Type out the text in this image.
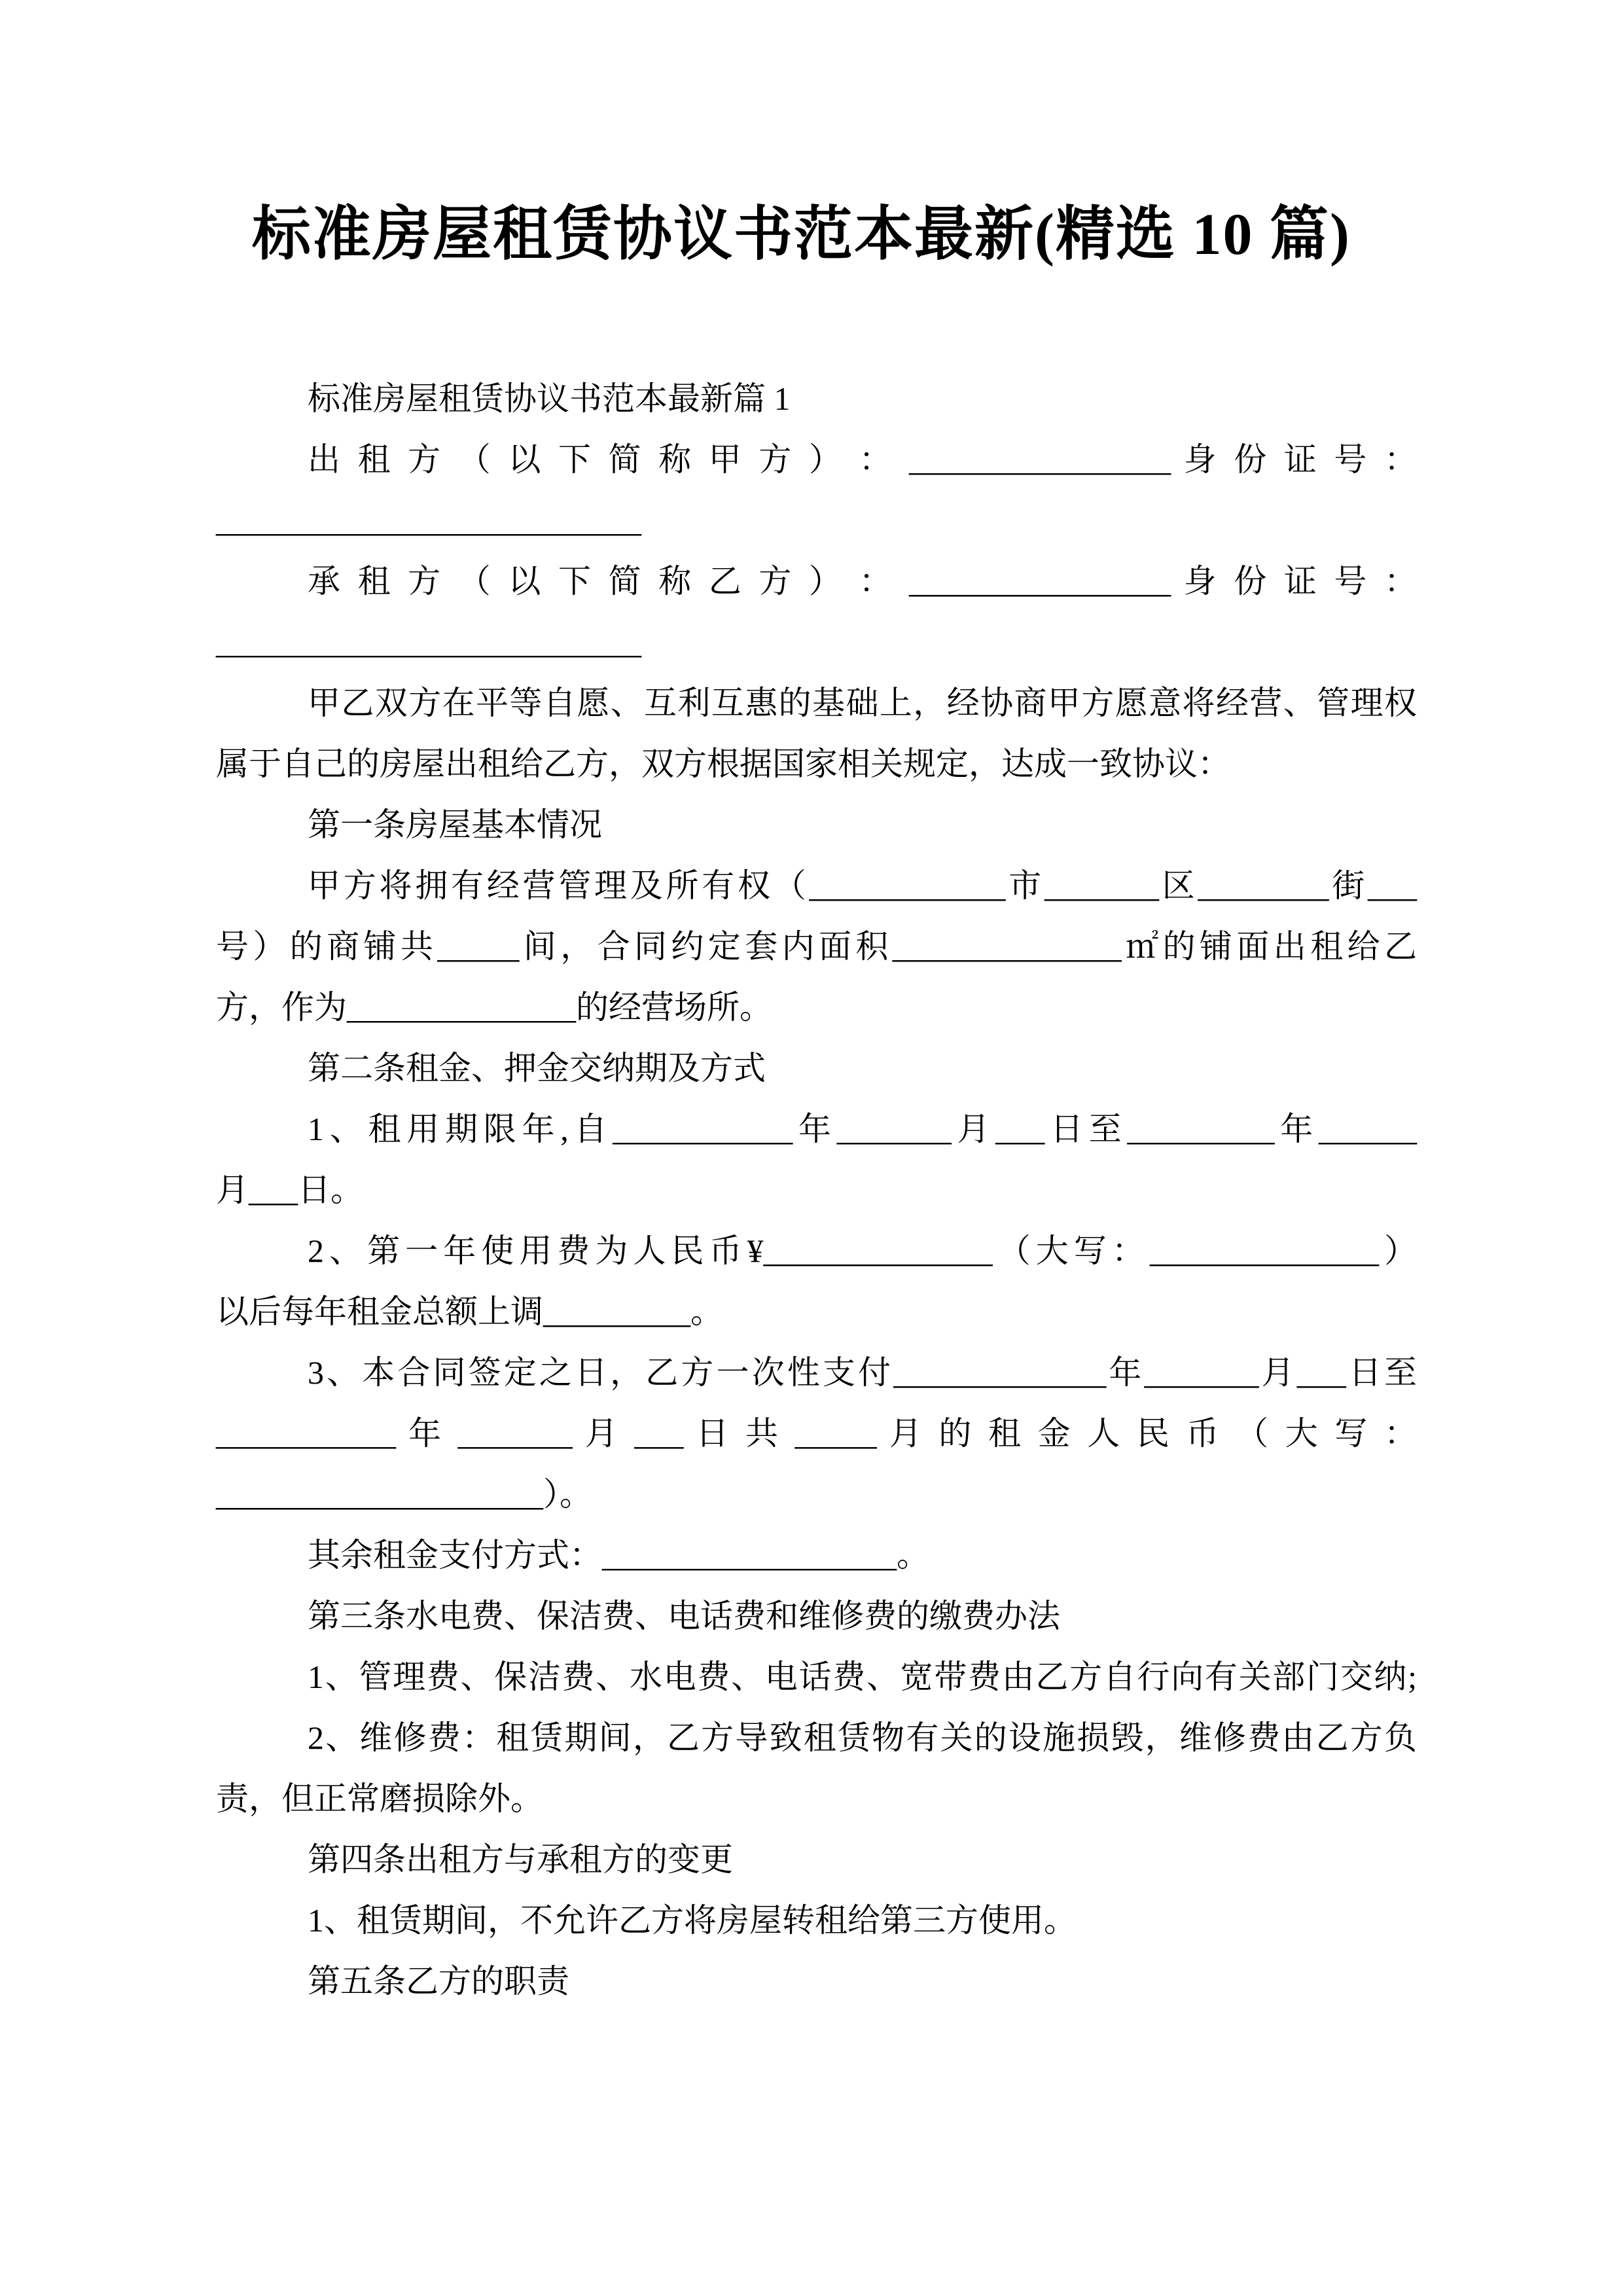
标准房屋租赁协议书范本最新(精选 10 篇)
标准房屋租赁协议书范本最新篇 1
出 租 方 （ 以 下 简 称 甲 方 ） ： ________________ 身 份 证 号 ：
__________________________
承 租 方 （ 以 下 简 称 乙 方 ） ： ________________ 身 份 证 号 ：
__________________________
甲乙双方在平等自愿、互利互惠的基础上，经协商甲方愿意将经营、管理权
属于自己的房屋出租给乙方，双方根据国家相关规定，达成一致协议：
第一条房屋基本情况
甲方将拥有经营管理及所有权（____________市_______区________街___
号）的商铺共_____间，合同约定套内面积______________㎡的铺面出租给乙
方，作为______________的经营场所。
第二条租金、押金交纳期及方式
1、租用期限年,自___________年_______月___日至_________年______
月___日。
2、第一年使用费为人民币¥______________（大写：______________）
以后每年租金总额上调_________。
3、本合同签定之日，乙方一次性支付_____________年_______月___日至
___________ 年 _______ 月 ___ 日 共 _____ 月 的 租 金 人 民 币 （ 大 写 ：
____________________）。
其余租金支付方式：__________________。
第三条水电费、保洁费、电话费和维修费的缴费办法
1、管理费、保洁费、水电费、电话费、宽带费由乙方自行向有关部门交纳;
2、维修费：租赁期间，乙方导致租赁物有关的设施损毁，维修费由乙方负
责，但正常磨损除外。
第四条出租方与承租方的变更
1、租赁期间，不允许乙方将房屋转租给第三方使用。
第五条乙方的职责
